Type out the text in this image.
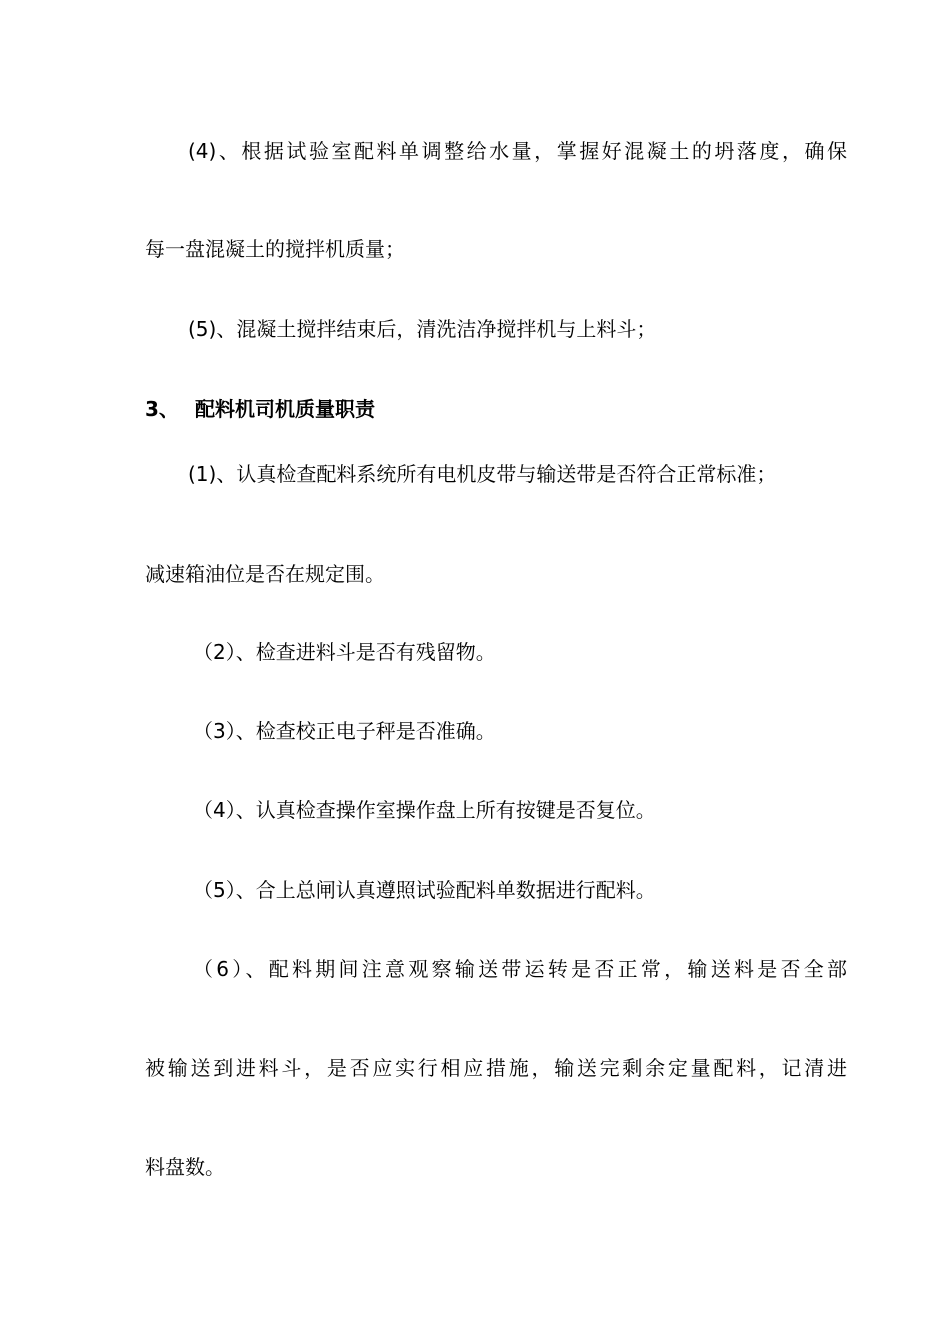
(4)、根据试验室配料单调整给水量，掌握好混凝土的坍落度，确保
每一盘混凝土的搅拌机质量；
(5)、混凝土搅拌结束后，清洗洁净搅拌机与上料斗；
3、 配料机司机质量职责
(1)、认真检查配料系统所有电机皮带与输送带是否符合正常标准；
减速箱油位是否在规定围。
（2）、检查进料斗是否有残留物。
（3）、检查校正电子秤是否准确。
（4）、认真检查操作室操作盘上所有按键是否复位。
（5）、合上总闸认真遵照试验配料单数据进行配料。
（6）、配料期间注意观察输送带运转是否正常，输送料是否全部
被输送到进料斗，是否应实行相应措施，输送完剩余定量配料，记清进
料盘数。
